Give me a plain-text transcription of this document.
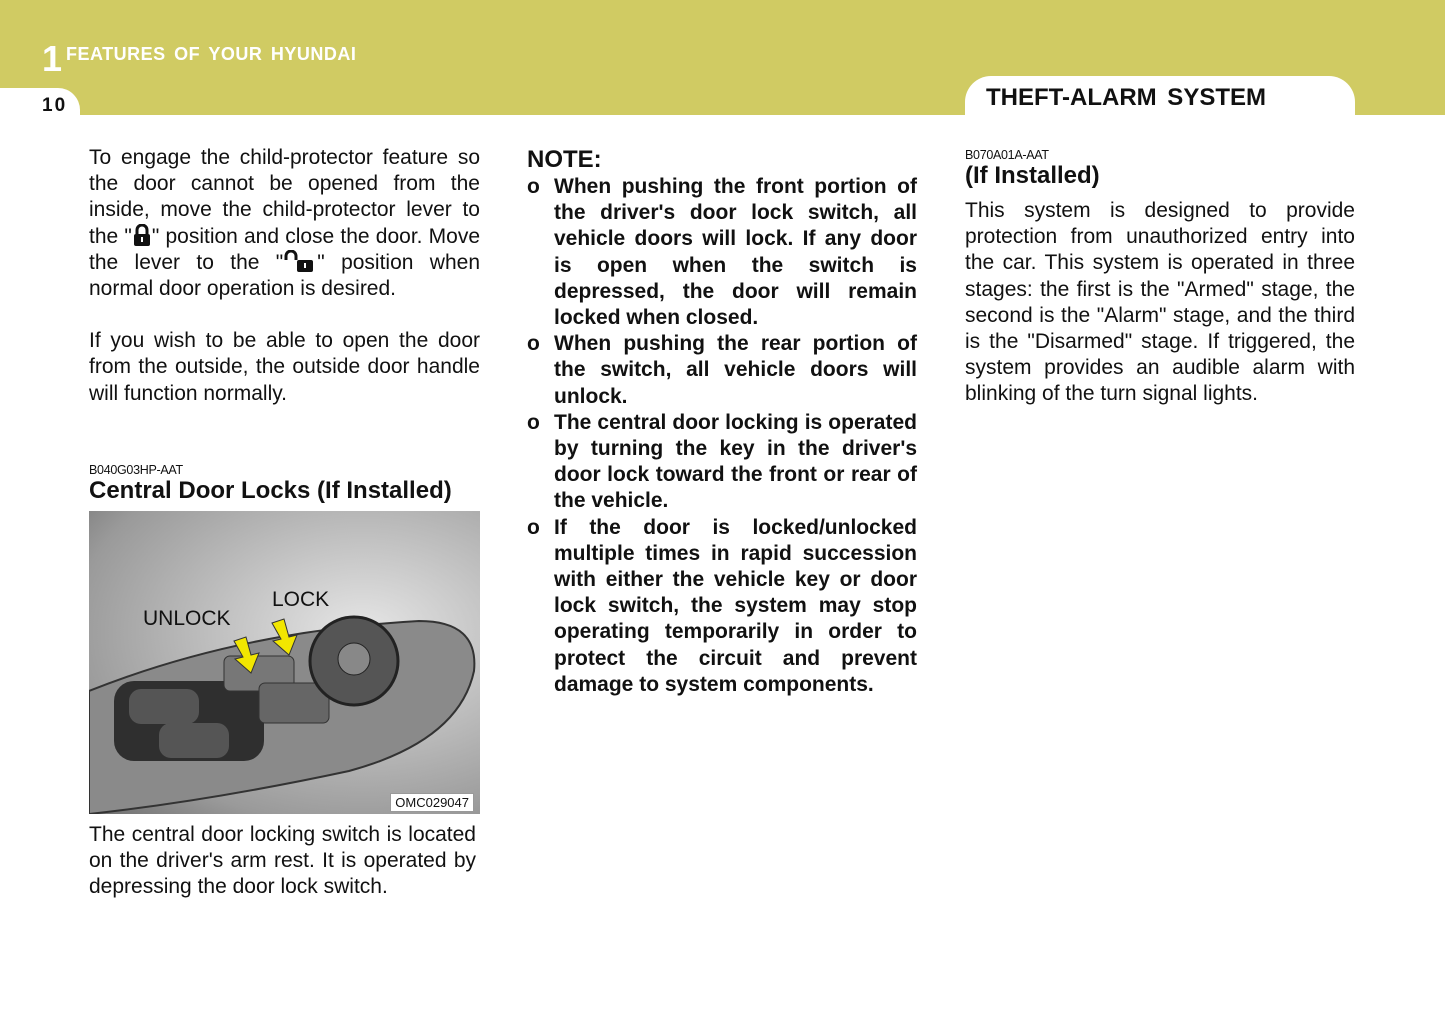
1 FEATURES OF YOUR HYUNDAI
10	THEFT-ALARM SYSTEM

To engage the child-protector feature so the door cannot be opened from the inside, move the child-protector lever to the " " position and close the door. Move the lever to the " " position when normal door operation is desired.

If you wish to be able to open the door from the outside, the outside door handle will function normally.

B040G03HP-AAT

Central Door Locks (If Installed)

UNLOCK
LOCK
OMC029047

The central door locking switch is located on the driver's arm rest. It is operated by depressing the door lock switch.

NOTE:

o When pushing the front portion of the driver's door lock switch, all vehicle doors will lock. If any door is open when the switch is depressed, the door will remain locked when closed.
o When pushing the rear portion of the switch, all vehicle doors will unlock.
o The central door locking is operated by turning the key in the driver's door lock toward the front or rear of the vehicle.
o If the door is locked/unlocked multiple times in rapid succession with either the vehicle key or door lock switch, the system may stop operating temporarily in order to protect the circuit and prevent damage to system components.

B070A01A-AAT

(If Installed)

This system is designed to provide protection from unauthorized entry into the car. This system is operated in three stages: the first is the "Armed" stage, the second is the "Alarm" stage, and the third is the "Disarmed" stage. If triggered, the system provides an audible alarm with blinking of the turn signal lights.
